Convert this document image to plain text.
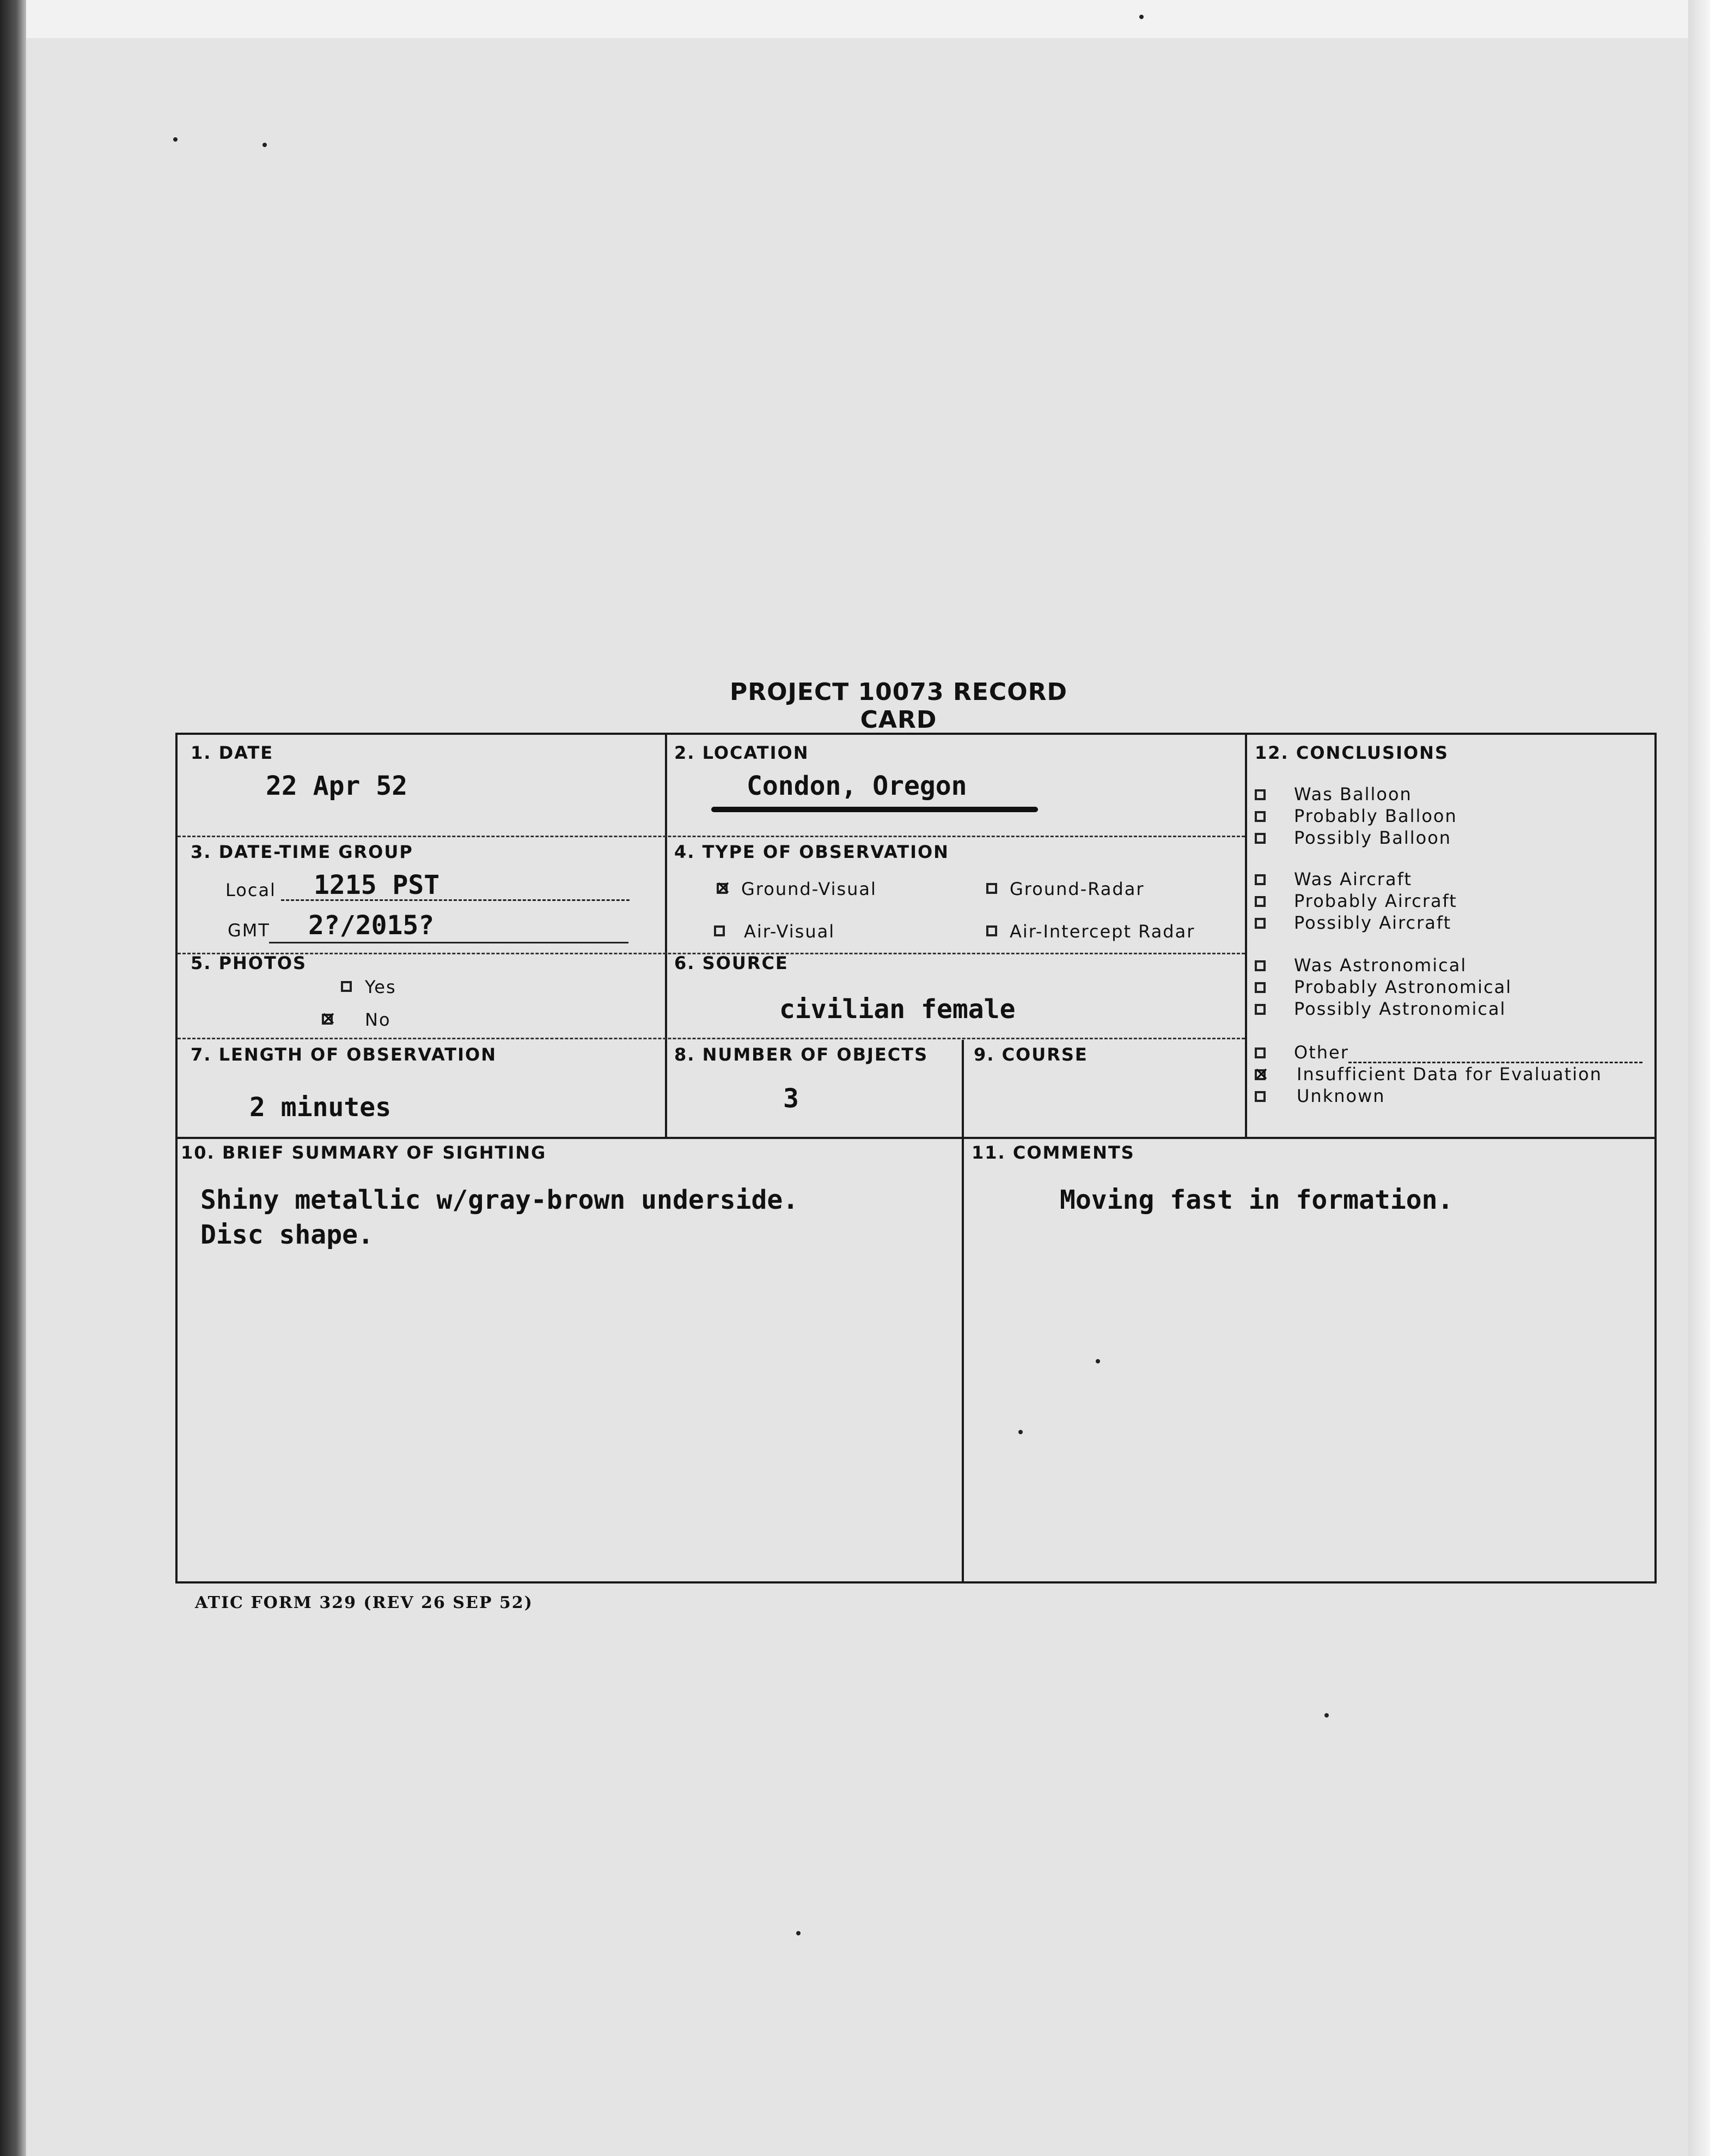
PROJECT 10073 RECORD CARD
1. DATE
22 Apr 52
2. LOCATION
Condon, Oregon
3. DATE-TIME GROUP
Local 1215 PST
GMT 2?/2015?
4. TYPE OF OBSERVATION
✕
Ground-Visual	Ground-Radar
Air-Visual	Air-Intercept Radar
5. PHOTOS
Yes
✕
No
6. SOURCE
civilian female
7. LENGTH OF OBSERVATION
2 minutes
8. NUMBER OF OBJECTS
3
9. COURSE
12. CONCLUSIONS
Was Balloon
Probably Balloon
Possibly Balloon
Was Aircraft
Probably Aircraft
Possibly Aircraft
Was Astronomical
Probably Astronomical
Possibly Astronomical
Other
✕
Insufficient Data for Evaluation
Unknown
10. BRIEF SUMMARY OF SIGHTING
Shiny metallic w/gray-brown underside.
Disc shape.
11. COMMENTS
Moving fast in formation.
ATIC FORM 329 (REV 26 SEP 52)
